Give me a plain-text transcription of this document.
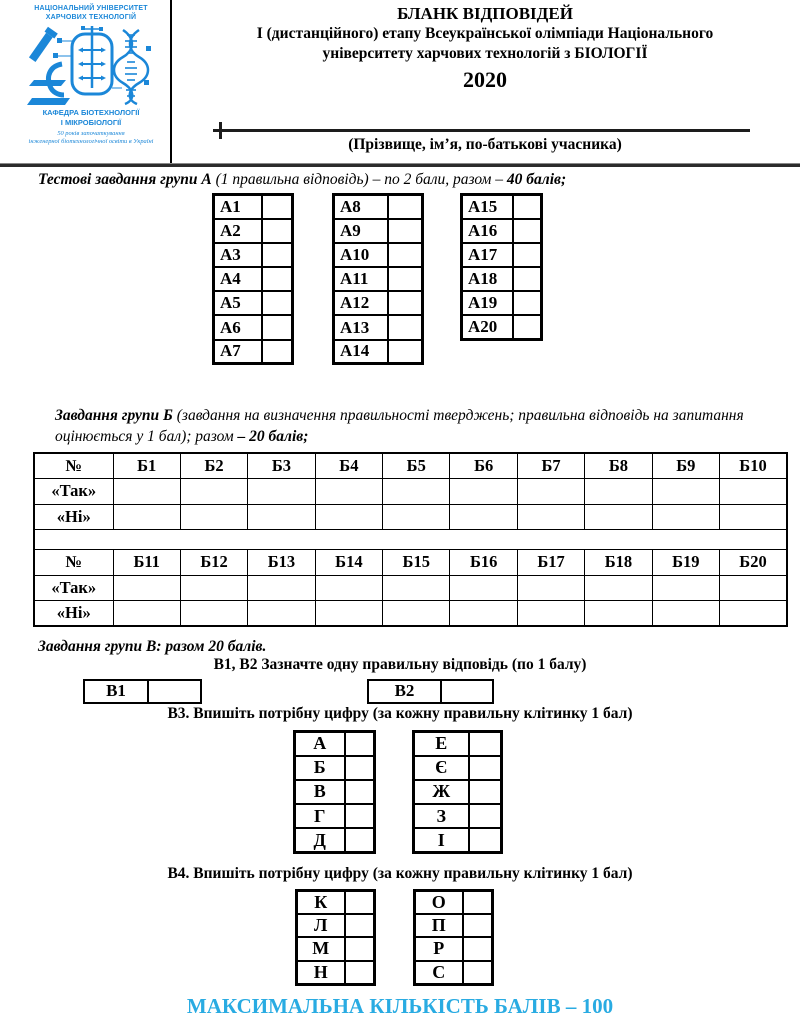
НАЦІОНАЛЬНИЙ УНІВЕРСИТЕТ
ХАРЧОВИХ ТЕХНОЛОГІЙ
КАФЕДРА БІОТЕХНОЛОГІЇ
І МІКРОБІОЛОГІЇ
50 років започаткування
інженерної біотехнологічної освіти в Україні
БЛАНК ВІДПОВІДЕЙ
І (дистанційного) етапу Всеукраїнської олімпіади Національного
університету харчових технологій з БІОЛОГІЇ
2020
(Прізвище, ім’я, по-батькові учасника)
Тестові завдання групи А (1 правильна відповідь) – по 2 бали, разом – 40 балів;
А1	
А2	
А3	
А4	
А5	
А6	
А7	
А8	
А9	
А10	
А11	
А12	
А13	
А14	
А15	
А16	
А17	
А18	
А19	
А20	
Завдання групи Б (завдання на визначення правильності тверджень; правильна відповідь на запитання оцінюється у 1 бал); разом – 20 балів;
№	Б1	Б2	Б3	Б4	Б5	Б6	Б7	Б8	Б9	Б10
«Так»										
«Ні»										

№	Б11	Б12	Б13	Б14	Б15	Б16	Б17	Б18	Б19	Б20
«Так»										
«Ні»										
Завдання групи В: разом 20 балів.
В1, В2 Зазначте одну правильну відповідь (по 1 балу)
В1		В2	
В3. Впишіть потрібну цифру (за кожну правильну клітинку 1 бал)
А	
Б	
В	
Г	
Д	
Е	
Є	
Ж	
З	
І	
В4. Впишіть потрібну цифру (за кожну правильну клітинку 1 бал)
К	
Л	
М	
Н	
О	
П	
Р	
С	
МАКСИМАЛЬНА КІЛЬКІСТЬ БАЛІВ – 100
